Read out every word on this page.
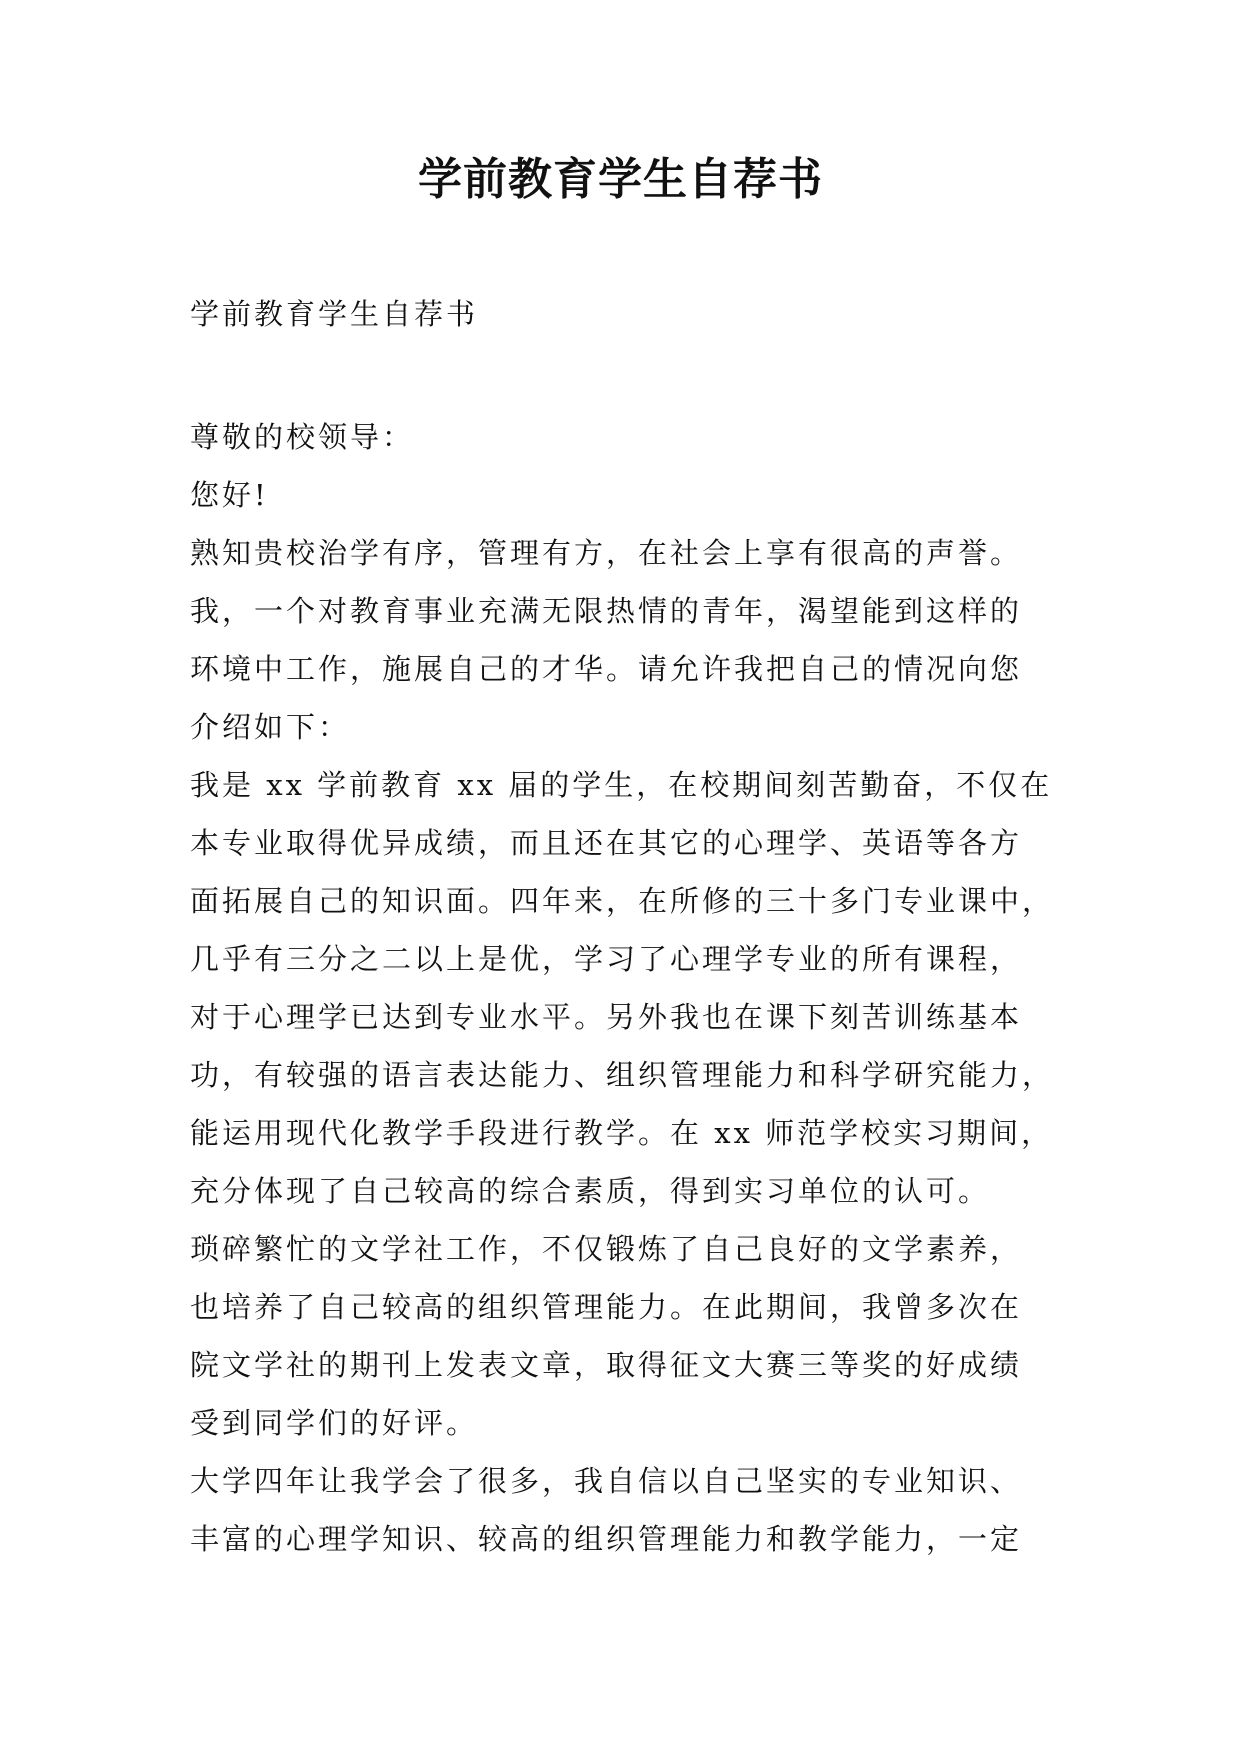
学前教育学生自荐书
学前教育学生自荐书
尊敬的校领导：
您好!
熟知贵校治学有序，管理有方，在社会上享有很高的声誉。
我，一个对教育事业充满无限热情的青年，渴望能到这样的
环境中工作，施展自己的才华。请允许我把自己的情况向您
介绍如下：
我是 xx 学前教育 xx 届的学生，在校期间刻苦勤奋，不仅在
本专业取得优异成绩，而且还在其它的心理学、英语等各方
面拓展自己的知识面。四年来，在所修的三十多门专业课中，
几乎有三分之二以上是优，学习了心理学专业的所有课程，
对于心理学已达到专业水平。另外我也在课下刻苦训练基本
功，有较强的语言表达能力、组织管理能力和科学研究能力，
能运用现代化教学手段进行教学。在 xx 师范学校实习期间，
充分体现了自己较高的综合素质，得到实习单位的认可。
琐碎繁忙的文学社工作，不仅锻炼了自己良好的文学素养，
也培养了自己较高的组织管理能力。在此期间，我曾多次在
院文学社的期刊上发表文章，取得征文大赛三等奖的好成绩
受到同学们的好评。
大学四年让我学会了很多，我自信以自己坚实的专业知识、
丰富的心理学知识、较高的组织管理能力和教学能力，一定
